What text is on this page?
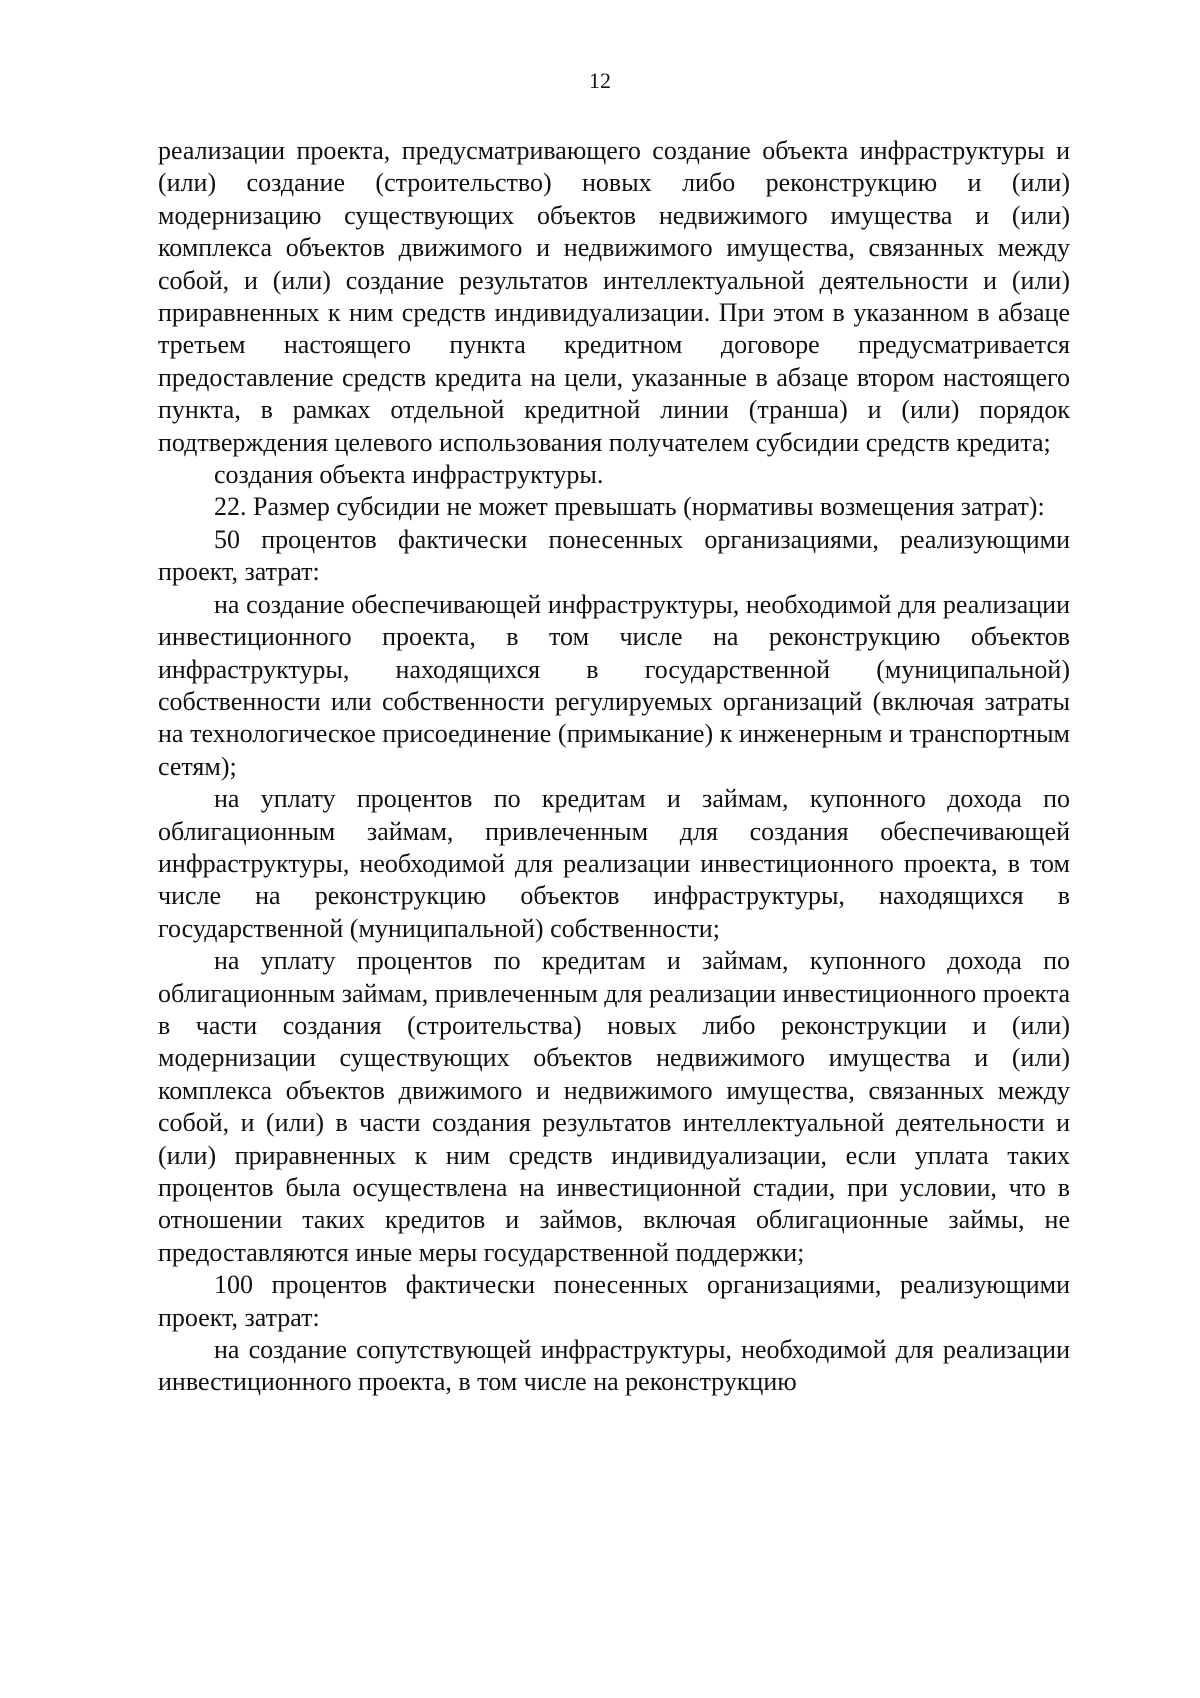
12

реализации проекта, предусматривающего создание объекта инфраструктуры и (или) создание (строительство) новых либо реконструкцию и (или) модернизацию существующих объектов недвижимого имущества и (или) комплекса объектов движимого и недвижимого имущества, связанных между собой, и (или) создание результатов интеллектуальной деятельности и (или) приравненных к ним средств индивидуализации. При этом в указанном в абзаце третьем настоящего пункта кредитном договоре предусматривается предоставление средств кредита на цели, указанные в абзаце втором настоящего пункта, в рамках отдельной кредитной линии (транша) и (или) порядок подтверждения целевого использования получателем субсидии средств кредита;

создания объекта инфраструктуры.

22. Размер субсидии не может превышать (нормативы возмещения затрат):

50 процентов фактически понесенных организациями, реализующими проект, затрат:

на создание обеспечивающей инфраструктуры, необходимой для реализации инвестиционного проекта, в том числе на реконструкцию объектов инфраструктуры, находящихся в государственной (муниципальной) собственности или собственности регулируемых организаций (включая затраты на технологическое присоединение (примыкание) к инженерным и транспортным сетям);

на уплату процентов по кредитам и займам, купонного дохода по облигационным займам, привлеченным для создания обеспечивающей инфраструктуры, необходимой для реализации инвестиционного проекта, в том числе на реконструкцию объектов инфраструктуры, находящихся в государственной (муниципальной) собственности;

на уплату процентов по кредитам и займам, купонного дохода по облигационным займам, привлеченным для реализации инвестиционного проекта в части создания (строительства) новых либо реконструкции и (или) модернизации существующих объектов недвижимого имущества и (или) комплекса объектов движимого и недвижимого имущества, связанных между собой, и (или) в части создания результатов интеллектуальной деятельности и (или) приравненных к ним средств индивидуализации, если уплата таких процентов была осуществлена на инвестиционной стадии, при условии, что в отношении таких кредитов и займов, включая облигационные займы, не предоставляются иные меры государственной поддержки;

100 процентов фактически понесенных организациями, реализующими проект, затрат:

на создание сопутствующей инфраструктуры, необходимой для реализации инвестиционного проекта, в том числе на реконструкцию
